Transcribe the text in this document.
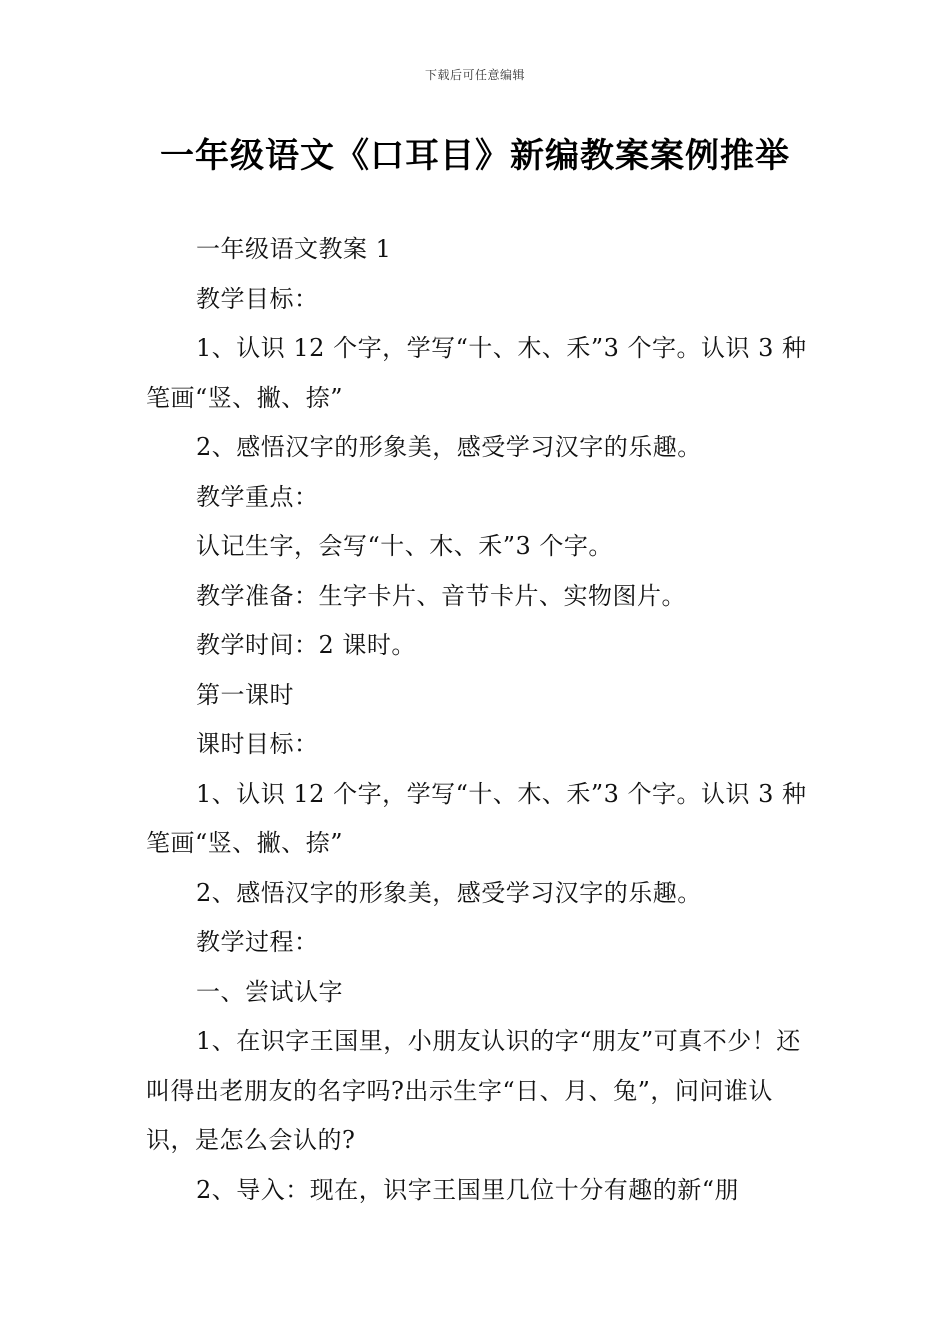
下载后可任意编辑
一年级语文《口耳目》新编教案案例推举

一年级语文教案 1

教学目标：

1、认识 12 个字，学写“十、木、禾”3 个字。认识 3 种笔画“竖、撇、捺”

2、感悟汉字的形象美，感受学习汉字的乐趣。

教学重点：

认记生字，会写“十、木、禾”3 个字。

教学准备：生字卡片、音节卡片、实物图片。

教学时间：2 课时。

第一课时

课时目标：

1、认识 12 个字，学写“十、木、禾”3 个字。认识 3 种笔画“竖、撇、捺”

2、感悟汉字的形象美，感受学习汉字的乐趣。

教学过程：

一、尝试认字

1、在识字王国里，小朋友认识的字“朋友”可真不少！还叫得出老朋友的名字吗?出示生字“日、月、兔”，问问谁认识，是怎么会认的?

2、导入：现在，识字王国里几位十分有趣的新“朋
